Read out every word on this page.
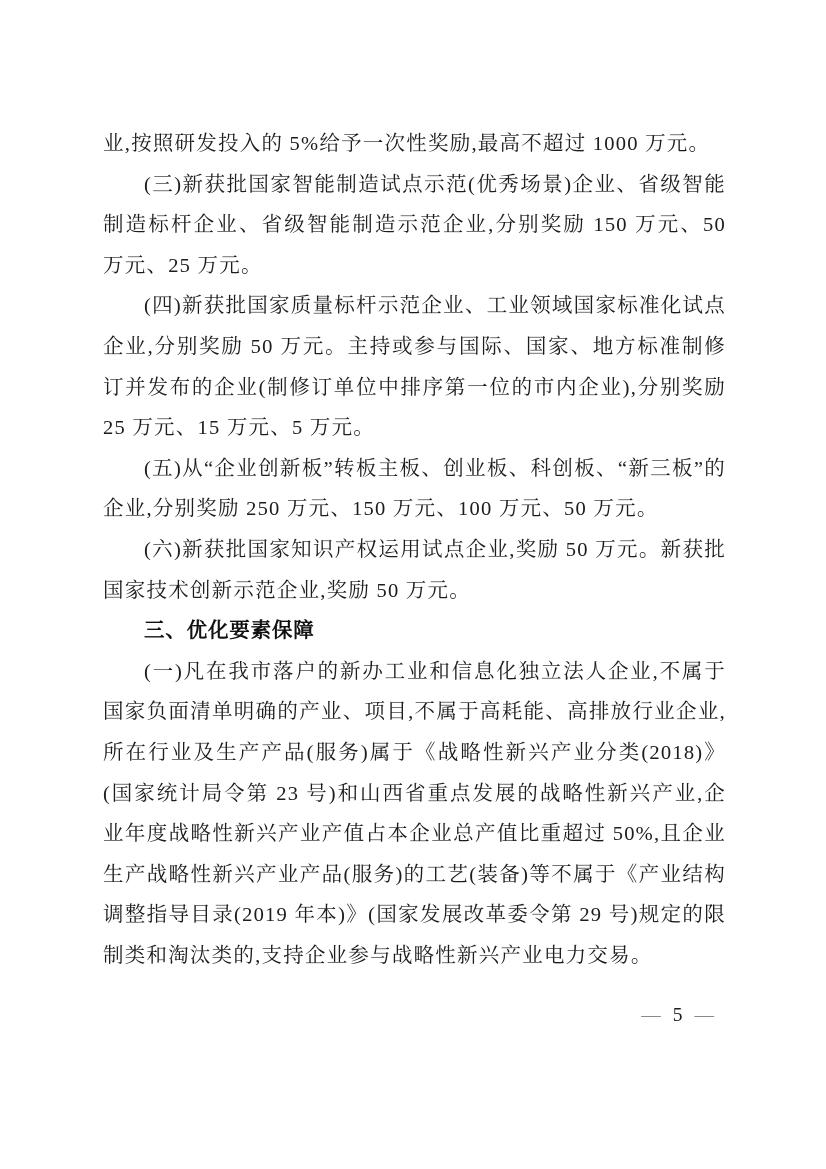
业,按照研发投入的 5%给予一次性奖励,最高不超过 1000 万元。

(三)新获批国家智能制造试点示范(优秀场景)企业、省级智能制造标杆企业、省级智能制造示范企业,分别奖励 150 万元、50 万元、25 万元。

(四)新获批国家质量标杆示范企业、工业领域国家标准化试点企业,分别奖励 50 万元。主持或参与国际、国家、地方标准制修订并发布的企业(制修订单位中排序第一位的市内企业),分别奖励 25 万元、15 万元、5 万元。

(五)从“企业创新板”转板主板、创业板、科创板、“新三板”的企业,分别奖励 250 万元、150 万元、100 万元、50 万元。

(六)新获批国家知识产权运用试点企业,奖励 50 万元。新获批国家技术创新示范企业,奖励 50 万元。

三、优化要素保障

(一)凡在我市落户的新办工业和信息化独立法人企业,不属于国家负面清单明确的产业、项目,不属于高耗能、高排放行业企业,所在行业及生产产品(服务)属于《战略性新兴产业分类(2018)》(国家统计局令第 23 号)和山西省重点发展的战略性新兴产业,企业年度战略性新兴产业产值占本企业总产值比重超过 50%,且企业生产战略性新兴产业产品(服务)的工艺(装备)等不属于《产业结构调整指导目录(2019 年本)》(国家发展改革委令第 29 号)规定的限制类和淘汰类的,支持企业参与战略性新兴产业电力交易。

— 5 —
